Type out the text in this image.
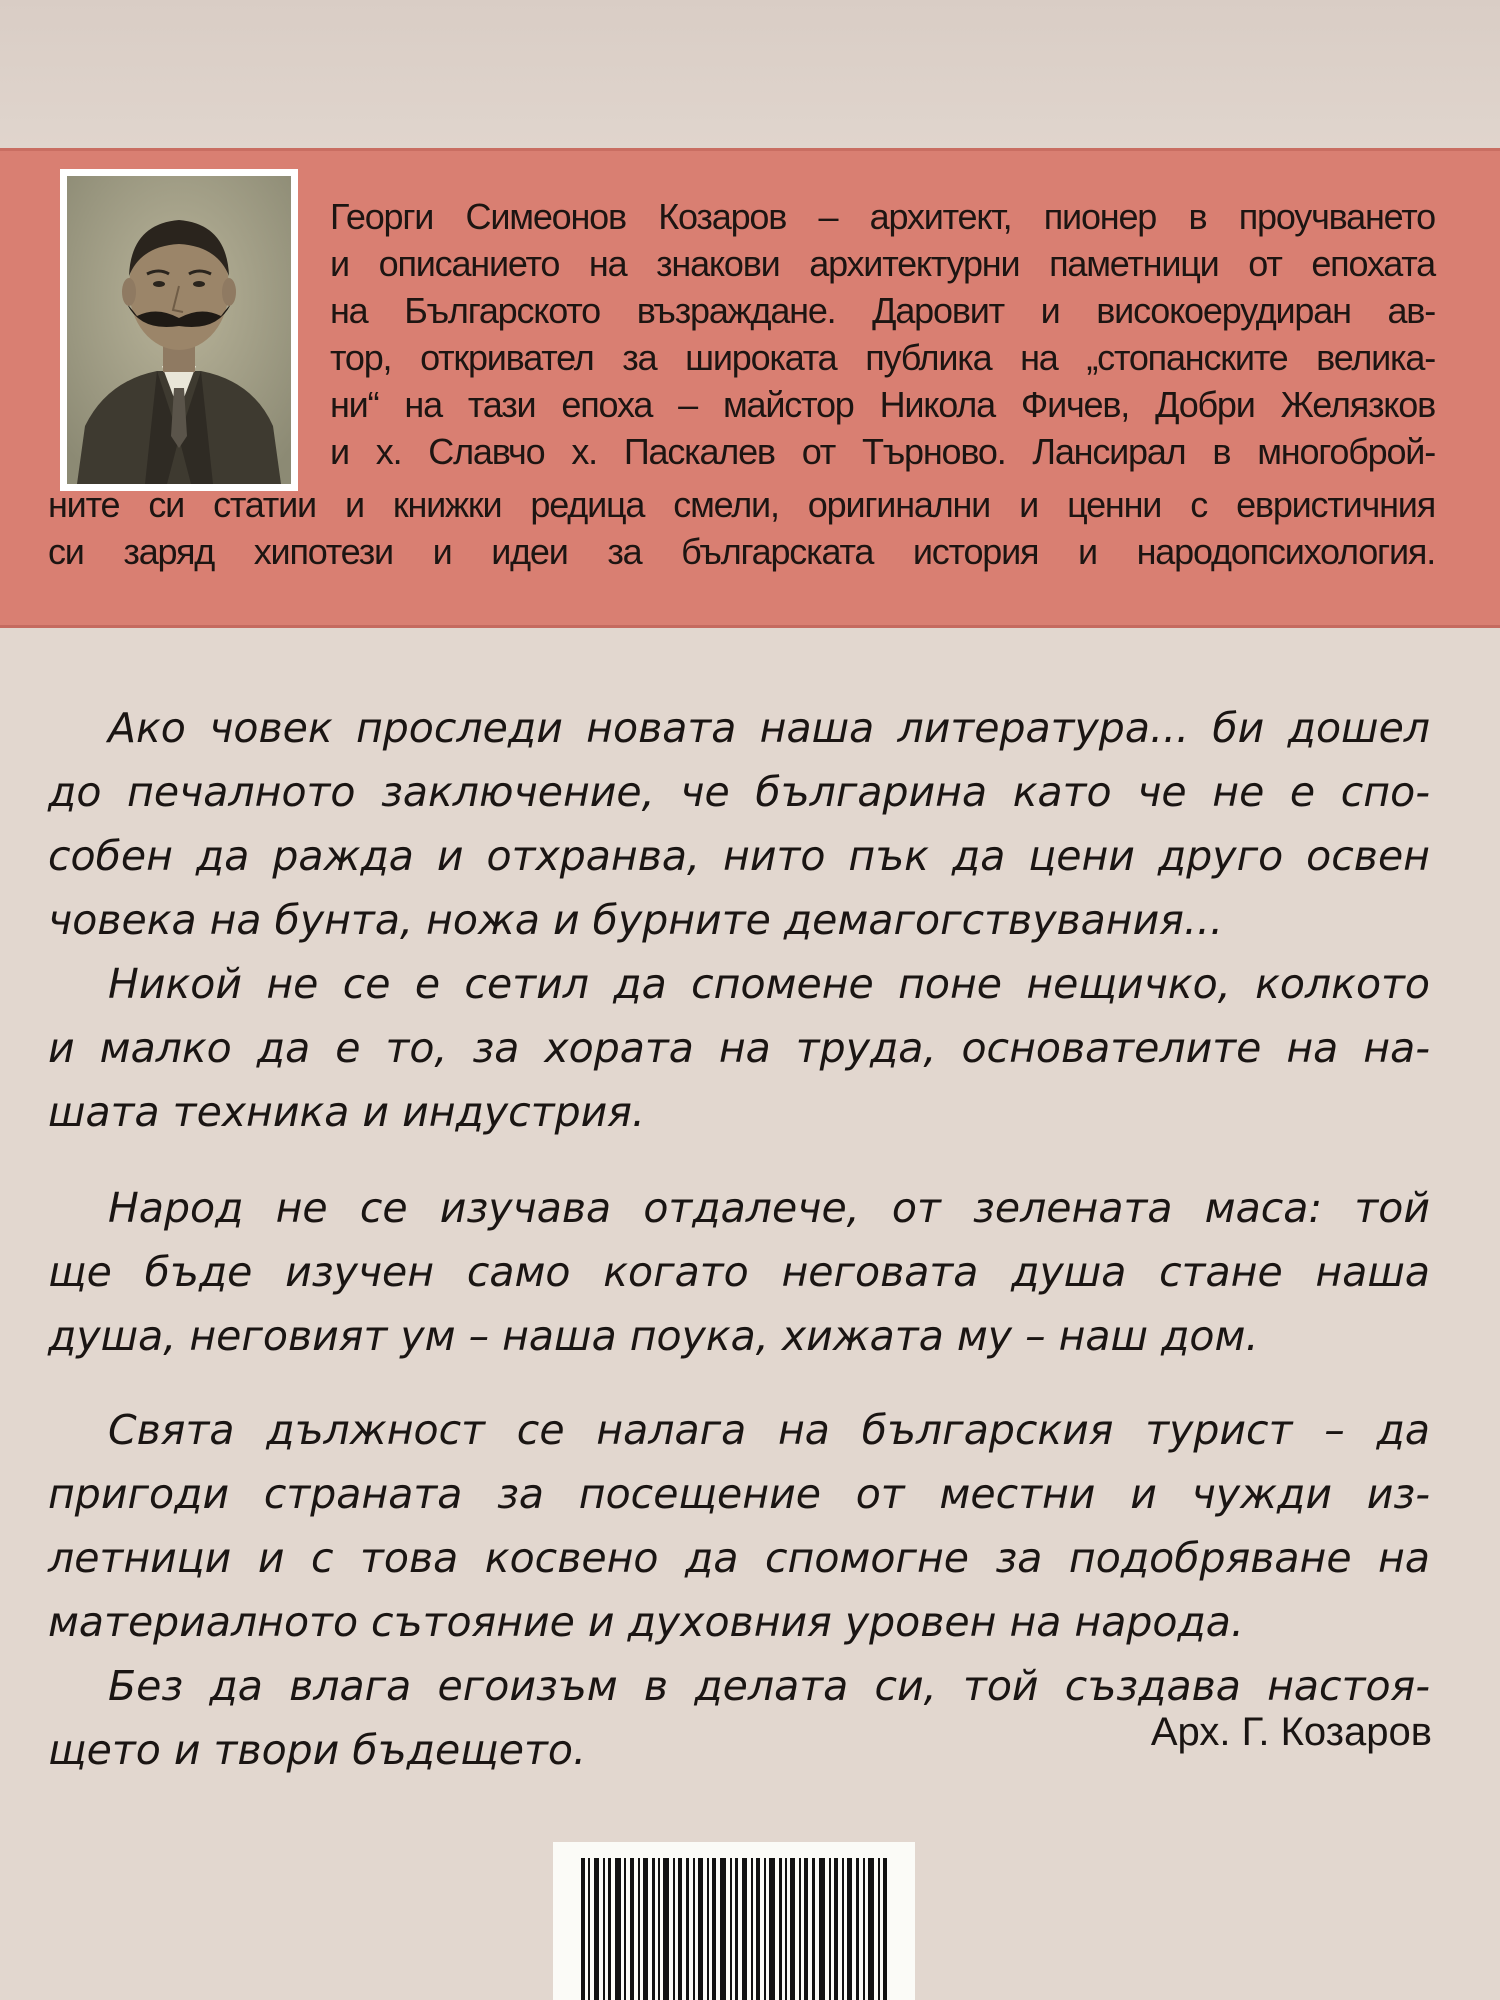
Георги Симеонов Козаров – архитект, пионер в проучването
и описанието на знакови архитектурни паметници от епохата
на Българското възраждане. Даровит и високоерудиран ав-
тор, откривател за широката публика на „стопанските велика-
ни“ на тази епоха – майстор Никола Фичев, Добри Желязков
и х. Славчо х. Паскалев от Търново. Лансирал в многоброй-
ните си статии и книжки редица смели, оригинални и ценни с евристичния
си заряд хипотези и идеи за българската история и народопсихология.
Ако човек проследи новата наша литература... би дошел
до печалното заключение, че българина като че не е спо-
собен да ражда и отхранва, нито пък да цени друго освен
човека на бунта, ножа и бурните демагогствувания...
Никой не се е сетил да спомене поне нещичко, колкото
и малко да е то, за хората на труда, основателите на на-
шата техника и индустрия.
Народ не се изучава отдалече, от зелената маса: той
ще бъде изучен само когато неговата душа стане наша
душа, неговият ум – наша поука, хижата му – наш дом.
Свята дължност се налага на българския турист – да
пригоди страната за посещение от местни и чужди из-
летници и с това косвено да спомогне за подобряване на
материалното сътояние и духовния уровен на народа.
Без да влага егоизъм в делата си, той създава настоя-
щето и твори бъдещето.	Арх. Г. Козаров
